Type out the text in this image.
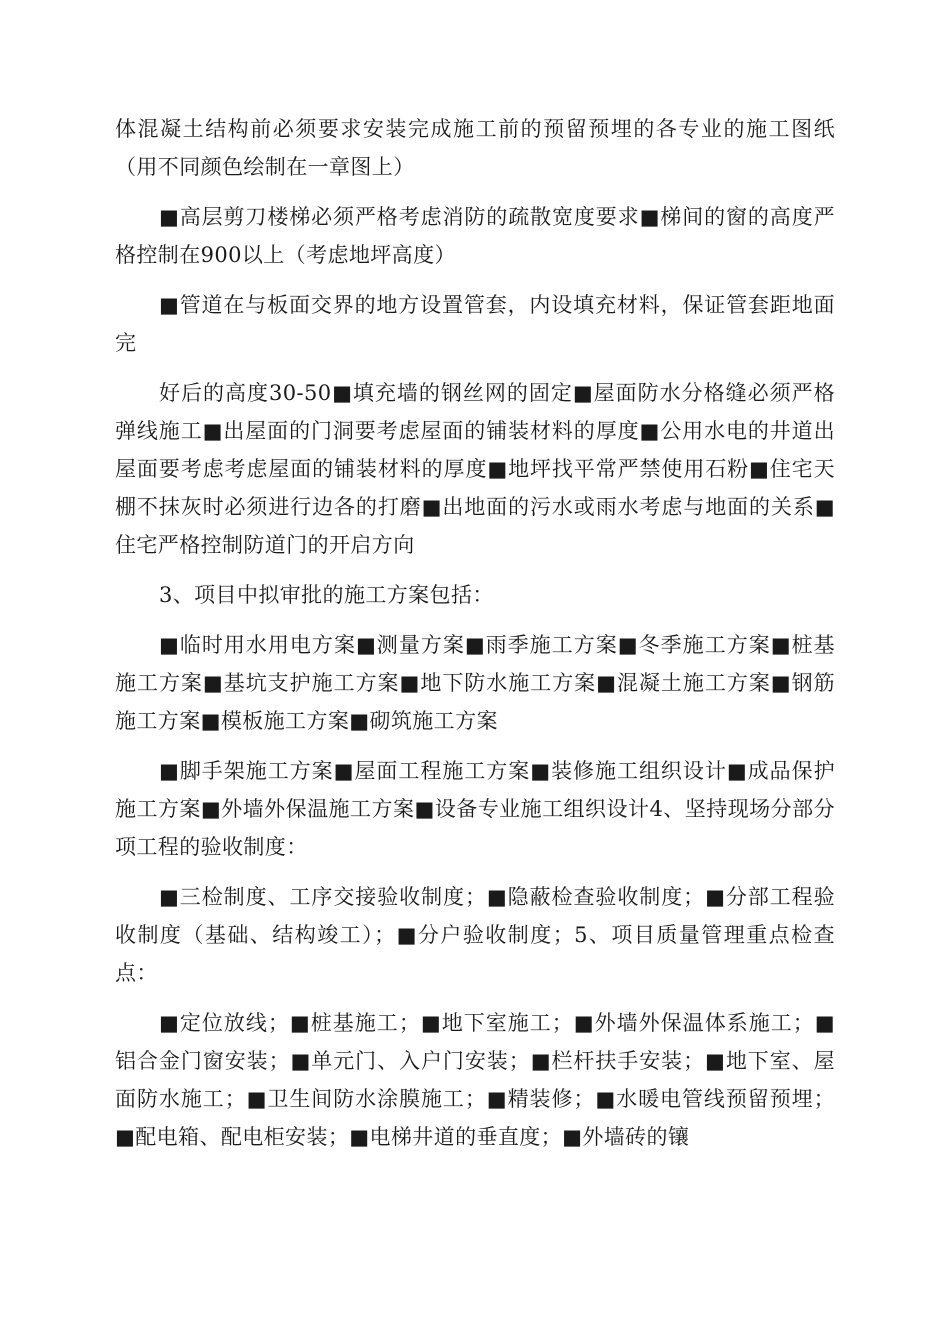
体混凝土结构前必须要求安装完成施工前的预留预埋的各专业的施工图纸（用不同颜色绘制在一章图上）

■高层剪刀楼梯必须严格考虑消防的疏散宽度要求■梯间的窗的高度严格控制在900以上（考虑地坪高度）

■管道在与板面交界的地方设置管套，内设填充材料，保证管套距地面完

好后的高度30-50■填充墙的钢丝网的固定■屋面防水分格缝必须严格弹线施工■出屋面的门洞要考虑屋面的铺装材料的厚度■公用水电的井道出屋面要考虑考虑屋面的铺装材料的厚度■地坪找平常严禁使用石粉■住宅天棚不抹灰时必须进行边各的打磨■出地面的污水或雨水考虑与地面的关系■住宅严格控制防道门的开启方向

3、项目中拟审批的施工方案包括：

■临时用水用电方案■测量方案■雨季施工方案■冬季施工方案■桩基施工方案■基坑支护施工方案■地下防水施工方案■混凝土施工方案■钢筋施工方案■模板施工方案■砌筑施工方案

■脚手架施工方案■屋面工程施工方案■装修施工组织设计■成品保护施工方案■外墙外保温施工方案■设备专业施工组织设计4、坚持现场分部分项工程的验收制度：

■三检制度、工序交接验收制度；■隐蔽检查验收制度；■分部工程验收制度（基础、结构竣工）；■分户验收制度；5、项目质量管理重点检查点：

■定位放线；■桩基施工；■地下室施工；■外墙外保温体系施工；■铝合金门窗安装；■单元门、入户门安装；■栏杆扶手安装；■地下室、屋面防水施工；■卫生间防水涂膜施工；■精装修；■水暖电管线预留预埋；■配电箱、配电柜安装；■电梯井道的垂直度；■外墙砖的镶
